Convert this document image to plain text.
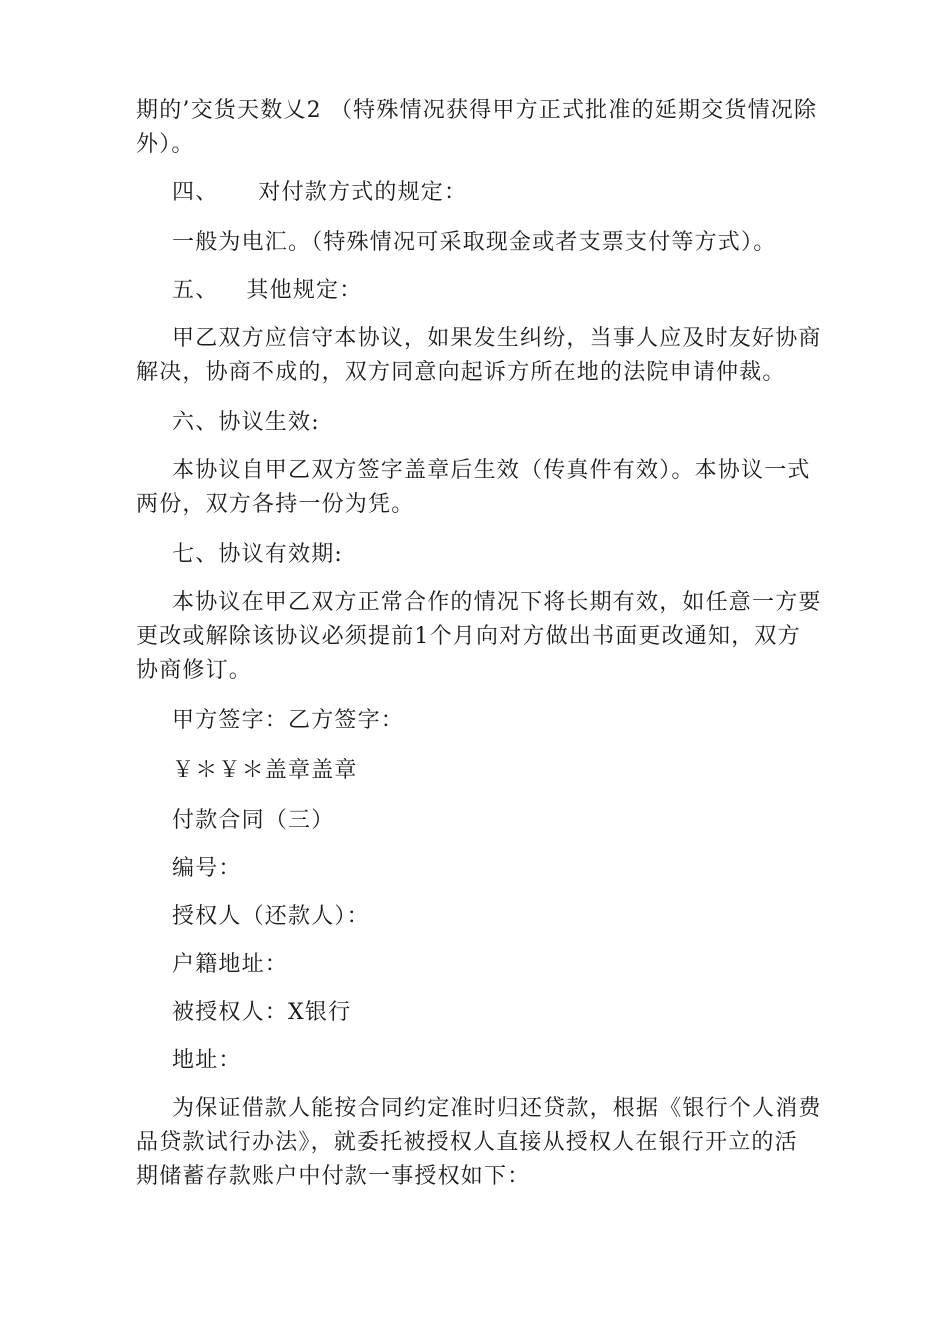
期的’交货天数乂2 （特殊情况获得甲方正式批准的延期交货情况除外）。

四、 对付款方式的规定：

一般为电汇。（特殊情况可采取现金或者支票支付等方式）。

五、 其他规定：

甲乙双方应信守本协议，如果发生纠纷，当事人应及时友好协商解决，协商不成的，双方同意向起诉方所在地的法院申请仲裁。

六、协议生效:

本协议自甲乙双方签字盖章后生效（传真件有效）。本协议一式两份，双方各持一份为凭。

七、协议有效期:

本协议在甲乙双方正常合作的情况下将长期有效，如任意一方要更改或解除该协议必须提前1个月向对方做出书面更改通知，双方 协商修订。

甲方签字：乙方签字：

￥＊￥＊盖章盖章

付款合同（三）

编号：

授权人（还款人）：

户籍地址：

被授权人：X银行

地址：

为保证借款人能按合同约定准时归还贷款，根据《银行个人消费品贷款试行办法》，就委托被授权人直接从授权人在银行开立的活 期储蓄存款账户中付款一事授权如下：
